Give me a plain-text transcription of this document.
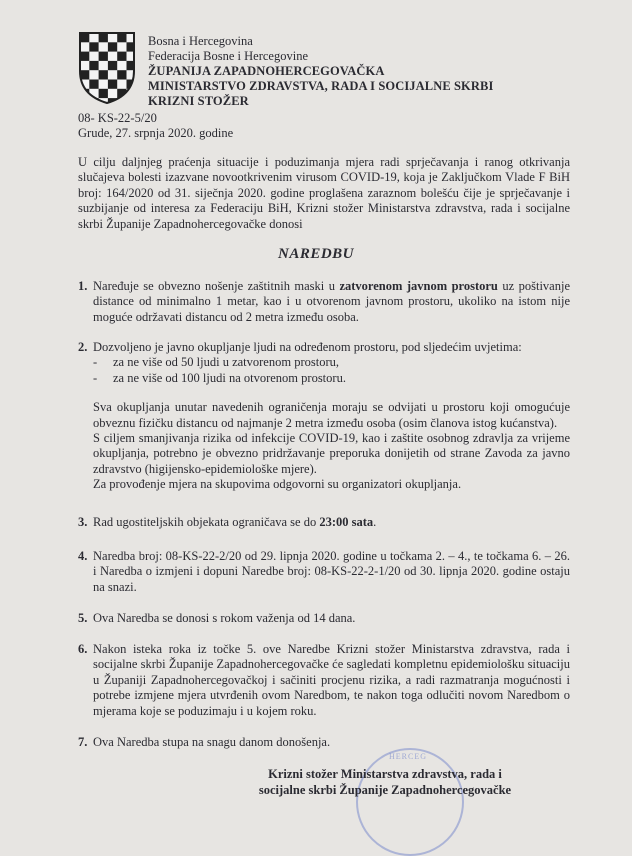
Bosna i Hercegovina
Federacija Bosne i Hercegovine
ŽUPANIJA ZAPADNOHERCEGOVAČKA
MINISTARSTVO ZDRAVSTVA, RADA I SOCIJALNE SKRBI
KRIZNI STOŽER
08- KS-22-5/20
Grude, 27. srpnja 2020. godine
U cilju daljnjeg praćenja situacije i poduzimanja mjera radi sprječavanja i ranog otkrivanja slučajeva bolesti izazvane novootkrivenim virusom COVID-19, koja je Zaključkom Vlade F BiH broj: 164/2020 od 31. siječnja 2020. godine proglašena zaraznom bolešću čije je sprječavanje i suzbijanje od interesa za Federaciju BiH, Krizni stožer Ministarstva zdravstva, rada i socijalne skrbi Županije Zapadnohercegovačke donosi
NAREDBU
1. Naređuje se obvezno nošenje zaštitnih maski u zatvorenom javnom prostoru uz poštivanje distance od minimalno 1 metar, kao i u otvorenom javnom prostoru, ukoliko na istom nije moguće održavati distancu od 2 metra između osoba.
2. Dozvoljeno je javno okupljanje ljudi na određenom prostoru, pod sljedećim uvjetima:

- za ne više od 50 ljudi u zatvorenom prostoru,
- za ne više od 100 ljudi na otvorenom prostoru.

Sva okupljanja unutar navedenih ograničenja moraju se odvijati u prostoru koji omogućuje obveznu fizičku distancu od najmanje 2 metra između osoba (osim članova istog kućanstva).

S ciljem smanjivanja rizika od infekcije COVID-19, kao i zaštite osobnog zdravlja za vrijeme okupljanja, potrebno je obvezno pridržavanje preporuka donijetih od strane Zavoda za javno zdravstvo (higijensko-epidemiološke mjere).

Za provođenje mjera na skupovima odgovorni su organizatori okupljanja.

3. Rad ugostiteljskih objekata ograničava se do 23:00 sata.
4. Naredba broj: 08-KS-22-2/20 od 29. lipnja 2020. godine u točkama 2. – 4., te točkama 6. – 26. i Naredba o izmjeni i dopuni Naredbe broj: 08-KS-22-2-1/20 od 30. lipnja 2020. godine ostaju na snazi.
5. Ova Naredba se donosi s rokom važenja od 14 dana.
6. Nakon isteka roka iz točke 5. ove Naredbe Krizni stožer Ministarstva zdravstva, rada i socijalne skrbi Županije Zapadnohercegovačke će sagledati kompletnu epidemiološku situaciju u Županiji Zapadnohercegovačkoj i sačiniti procjenu rizika, a radi razmatranja mogućnosti i potrebe izmjene mjera utvrđenih ovom Naredbom, te nakon toga odlučiti novom Naredbom o mjerama koje se poduzimaju i u kojem roku.
7. Ova Naredba stupa na snagu danom donošenja.
HERCEG
Krizni stožer Ministarstva zdravstva, rada i
socijalne skrbi Županije Zapadnohercegovačke
